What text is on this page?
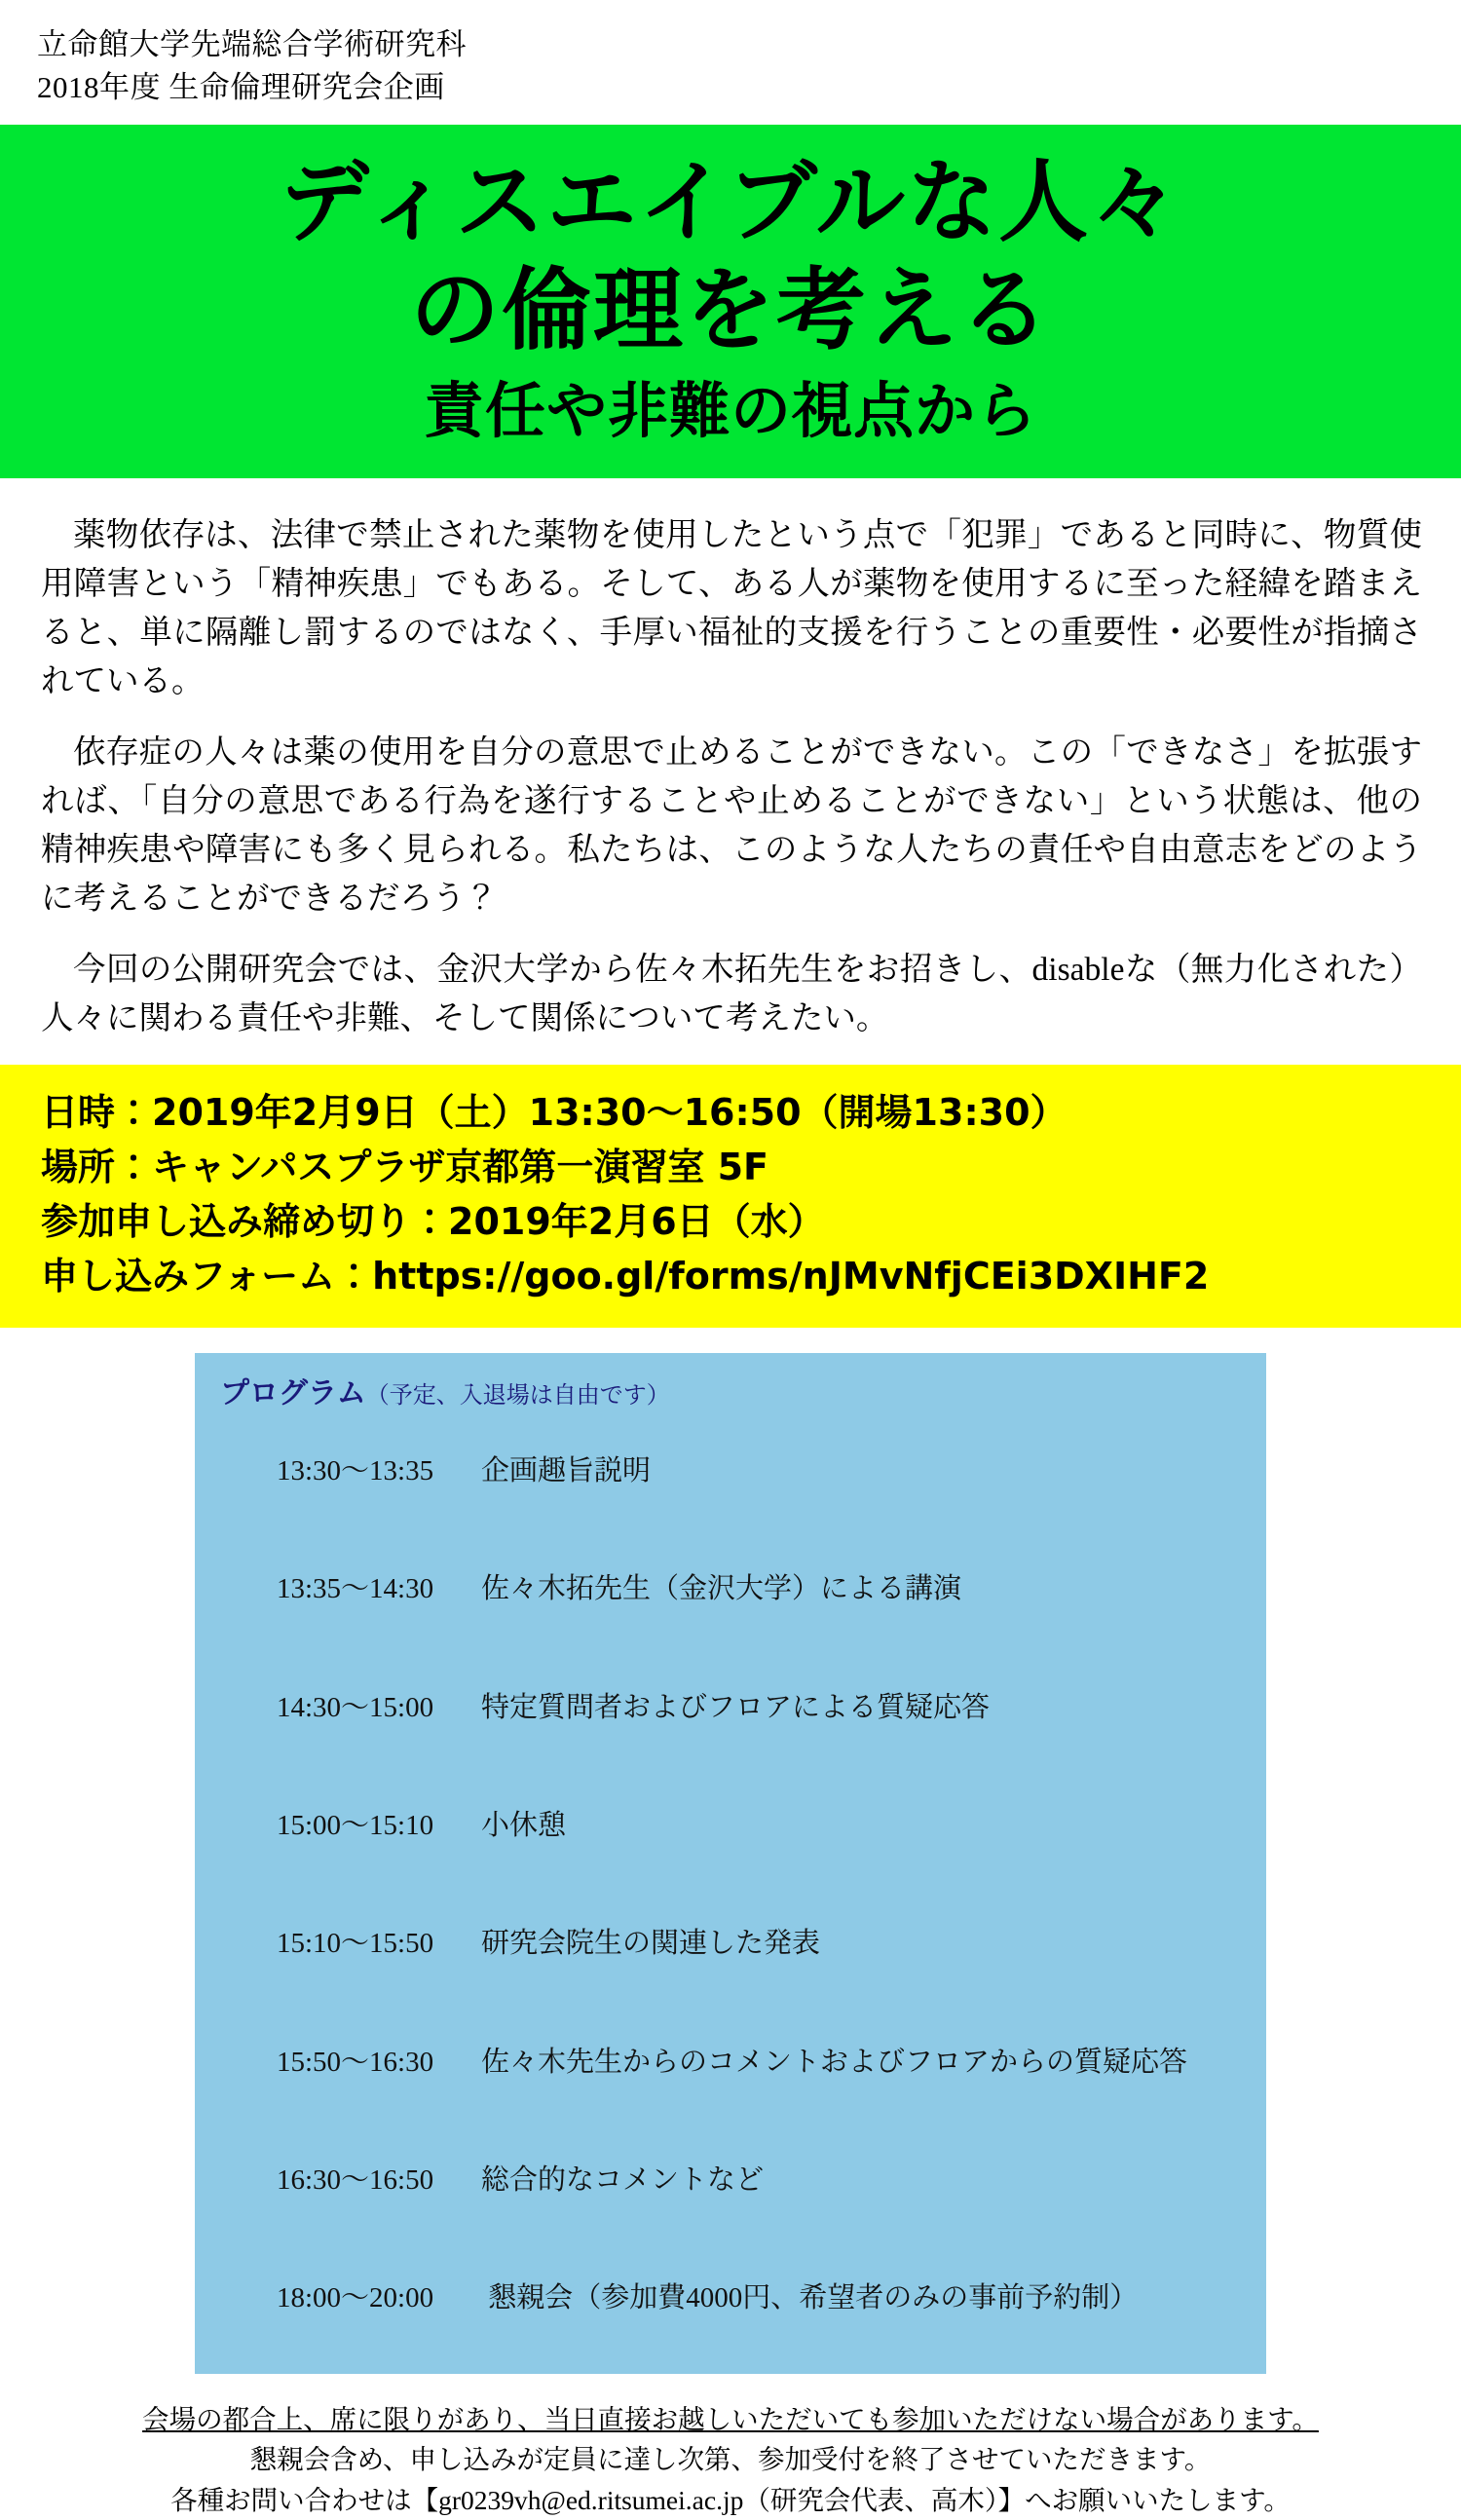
立命館大学先端総合学術研究科
2018年度 生命倫理研究会企画
ディスエイブルな人々
の倫理を考える
責任や非難の視点から

薬物依存は、法律で禁止された薬物を使用したという点で「犯罪」であると同時に、物質使用障害という「精神疾患」でもある。そして、ある人が薬物を使用するに至った経緯を踏まえると、単に隔離し罰するのではなく、手厚い福祉的支援を行うことの重要性・必要性が指摘されている。

依存症の人々は薬の使用を自分の意思で止めることができない。この「できなさ」を拡張すれば、「自分の意思である行為を遂行することや止めることができない」という状態は、他の精神疾患や障害にも多く見られる。私たちは、このような人たちの責任や自由意志をどのように考えることができるだろう？

今回の公開研究会では、金沢大学から佐々木拓先生をお招きし、disableな（無力化された）人々に関わる責任や非難、そして関係について考えたい。

日時：2019年2月9日（土）13:30〜16:50（開場13:30）
場所：キャンパスプラザ京都第一演習室 5F
参加申し込み締め切り：2019年2月6日（水）
申し込みフォーム：https://goo.gl/forms/nJMvNfjCEi3DXIHF2
プログラム（予定、入退場は自由です）

13:30〜13:35 企画趣旨説明

13:35〜14:30 佐々木拓先生（金沢大学）による講演

14:30〜15:00 特定質問者およびフロアによる質疑応答

15:00〜15:10 小休憩

15:10〜15:50 研究会院生の関連した発表

15:50〜16:30 佐々木先生からのコメントおよびフロアからの質疑応答

16:30〜16:50 総合的なコメントなど

18:00〜20:00 懇親会（参加費4000円、希望者のみの事前予約制）

会場の都合上、席に限りがあり、当日直接お越しいただいても参加いただけない場合があります。
懇親会含め、申し込みが定員に達し次第、参加受付を終了させていただきます。
各種お問い合わせは【gr0239vh@ed.ritsumei.ac.jp（研究会代表、高木）】へお願いいたします。
